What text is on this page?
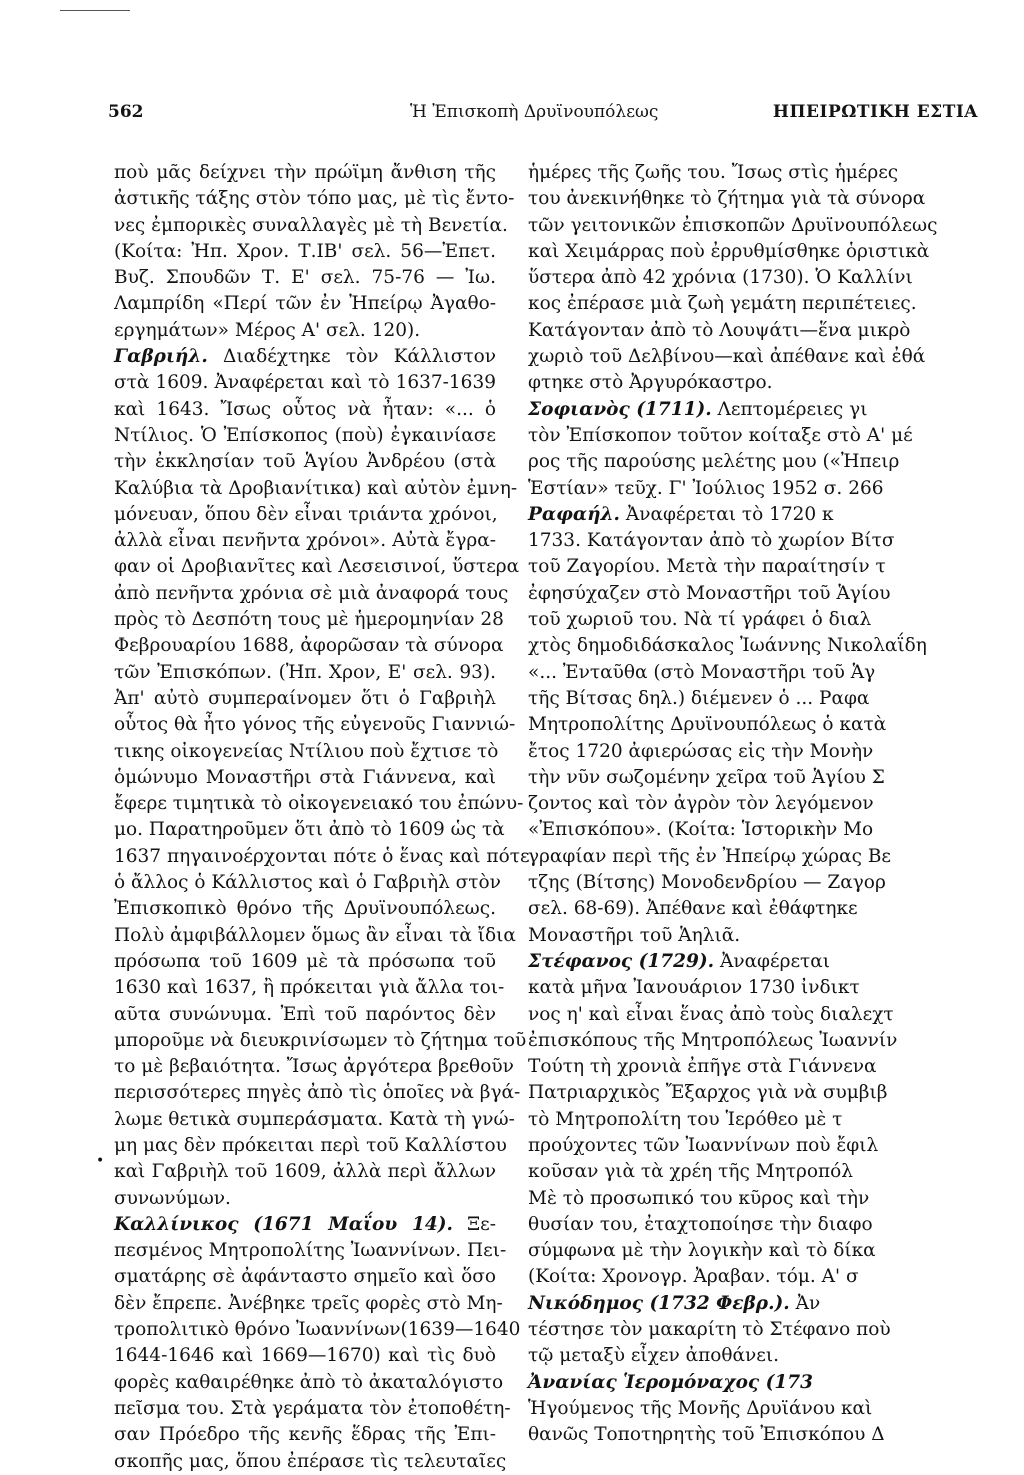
562	Ἡ Ἐπισκοπὴ Δρυϊνουπόλεως	ΗΠΕΙΡΩΤΙΚΗ ΕΣΤΙΑ
ποὺ μᾶς δείχνει τὴν πρώϊμη ἄνθιση τῆς
ἀστικῆς τάξης στὸν τόπο μας, μὲ τὶς ἔντο-
νες ἐμπορικὲς συναλλαγὲς μὲ τὴ Βενετία.
(Κοίτα: Ἠπ. Χρον. Τ.ΙΒ' σελ. 56—Ἐπετ.
Βυζ. Σπουδῶν Τ. Ε' σελ. 75-76 — Ἰω.
Λαμπρίδη «Περί τῶν ἐν Ἠπείρῳ Ἀγαθο-
εργημάτων» Μέρος Α' σελ. 120).
Γαβριήλ. Διαδέχτηκε τὸν Κάλλιστον
στὰ 1609. Ἀναφέρεται καὶ τὸ 1637-1639
καὶ 1643. Ἴσως οὗτος νὰ ἦταν: «... ὁ
Ντίλιος. Ὁ Ἐπίσκοπος (ποὺ) ἐγκαινίασε
τὴν ἐκκλησίαν τοῦ Ἁγίου Ἀνδρέου (στὰ
Καλύβια τὰ Δροβιανίτικα) καὶ αὐτὸν ἐμνη-
μόνευαν, ὅπου δὲν εἶναι τριάντα χρόνοι,
ἀλλὰ εἶναι πενῆντα χρόνοι». Αὐτὰ ἔγρα-
φαν οἱ Δροβιανῖτες καὶ Λεσεισινοί, ὕστερα
ἀπὸ πενῆντα χρόνια σὲ μιὰ ἀναφορά τους
πρὸς τὸ Δεσπότη τους μὲ ἡμερομηνίαν 28
Φεβρουαρίου 1688, ἀφορῶσαν τὰ σύνορα
τῶν Ἐπισκόπων. (Ἠπ. Χρον, Ε' σελ. 93).
Ἀπ' αὐτὸ συμπεραίνομεν ὅτι ὁ Γαβριὴλ
οὗτος θὰ ἦτο γόνος τῆς εὐγενοῦς Γιαννιώ-
τικης οἰκογενείας Ντίλιου ποὺ ἔχτισε τὸ
ὁμώνυμο Μοναστῆρι στὰ Γιάννενα, καὶ
ἔφερε τιμητικὰ τὸ οἰκογενειακό του ἐπώνυ-
μο. Παρατηροῦμεν ὅτι ἀπὸ τὸ 1609 ὡς τὰ
1637 πηγαινοέρχονται πότε ὁ ἕνας καὶ πότε
ὁ ἄλλος ὁ Κάλλιστος καὶ ὁ Γαβριὴλ στὸν
Ἐπισκοπικὸ θρόνο τῆς Δρυϊνουπόλεως.
Πολὺ ἀμφιβάλλομεν ὅμως ἂν εἶναι τὰ ἴδια
πρόσωπα τοῦ 1609 μὲ τὰ πρόσωπα τοῦ
1630 καὶ 1637, ἢ πρόκειται γιὰ ἄλλα τοι-
αῦτα συνώνυμα. Ἐπὶ τοῦ παρόντος δὲν
μποροῦμε νὰ διευκρινίσωμεν τὸ ζήτημα τοῦ
το μὲ βεβαιότητα. Ἴσως ἀργότερα βρεθοῦν
περισσότερες πηγὲς ἀπὸ τὶς ὁποῖες νὰ βγά-
λωμε θετικὰ συμπεράσματα. Κατὰ τὴ γνώ-
μη μας δὲν πρόκειται περὶ τοῦ Καλλίστου
καὶ Γαβριὴλ τοῦ 1609, ἀλλὰ περὶ ἄλλων
συνωνύμων.
Καλλίνικος (1671 Μαΐου 14). Ξε-
πεσμένος Μητροπολίτης Ἰωαννίνων. Πει-
σματάρης σὲ ἀφάνταστο σημεῖο καὶ ὅσο
δὲν ἔπρεπε. Ἀνέβηκε τρεῖς φορὲς στὸ Μη-
τροπολιτικὸ θρόνο Ἰωαννίνων(1639—1640
1644-1646 καὶ 1669—1670) καὶ τὶς δυὸ
φορὲς καθαιρέθηκε ἀπὸ τὸ ἀκαταλόγιστο
πεῖσμα του. Στὰ γεράματα τὸν ἐτοποθέτη-
σαν Πρόεδρο τῆς κενῆς ἕδρας τῆς Ἐπι-
σκοπῆς μας, ὅπου ἐπέρασε τὶς τελευταῖες
ἡμέρες τῆς ζωῆς του. Ἴσως στὶς ἡμέρες
του ἀνεκινήθηκε τὸ ζήτημα γιὰ τὰ σύνορα
τῶν γειτονικῶν ἐπισκοπῶν Δρυϊνουπόλεως
καὶ Χειμάρρας ποὺ ἐρρυθμίσθηκε ὁριστικὰ
ὕστερα ἀπὸ 42 χρόνια (1730). Ὁ Καλλίνι
κος ἐπέρασε μιὰ ζωὴ γεμάτη περιπέτειες.
Κατάγονταν ἀπὸ τὸ Λουψάτι—ἕνα μικρὸ
χωριὸ τοῦ Δελβίνου—καὶ ἀπέθανε καὶ ἐθά
φτηκε στὸ Ἀργυρόκαστρο.
Σοφιανὸς (1711). Λεπτομέρειες γι
τὸν Ἐπίσκοπον τοῦτον κοίταξε στὸ Α' μέ
ρος τῆς παρούσης μελέτης μου («Ἠπειρ
Ἑστίαν» τεῦχ. Γ' Ἰούλιος 1952 σ. 266
Ραφαήλ. Ἀναφέρεται τὸ 1720 κ
1733. Κατάγονταν ἀπὸ τὸ χωρίον Βίτσ
τοῦ Ζαγορίου. Μετὰ τὴν παραίτησίν τ
ἐφησύχαζεν στὸ Μοναστῆρι τοῦ Ἁγίου
τοῦ χωριοῦ του. Νὰ τί γράφει ὁ διαλ
χτὸς δημοδιδάσκαλος Ἰωάννης Νικολαΐδη
«... Ἐνταῦθα (στὸ Μοναστῆρι τοῦ Ἁγ
τῆς Βίτσας δηλ.) διέμενεν ὁ ... Ραφα
Μητροπολίτης Δρυϊνουπόλεως ὁ κατὰ
ἔτος 1720 ἀφιερώσας εἰς τὴν Μονὴν
τὴν νῦν σωζομένην χεῖρα τοῦ Ἁγίου Σ
ζοντος καὶ τὸν ἀγρὸν τὸν λεγόμενον
«Ἐπισκόπου». (Κοίτα: Ἱστορικὴν Μο
γραφίαν περὶ τῆς ἐν Ἠπείρῳ χώρας Βε
τζης (Βίτσης) Μονοδενδρίου — Ζαγορ
σελ. 68-69). Ἀπέθανε καὶ ἐθάφτηκε
Μοναστῆρι τοῦ Ἁηλιᾶ.
Στέφανος (1729). Ἀναφέρεται
κατὰ μῆνα Ἰανουάριον 1730 ἰνδικτ
νος η' καὶ εἶναι ἕνας ἀπὸ τοὺς διαλεχτ
ἐπισκόπους τῆς Μητροπόλεως Ἰωαννίν
Τούτη τὴ χρονιὰ ἐπῆγε στὰ Γιάννενα
Πατριαρχικὸς Ἔξαρχος γιὰ νὰ συμβιβ
τὸ Μητροπολίτη του Ἱερόθεο μὲ τ
προύχοντες τῶν Ἰωαννίνων ποὺ ἔφιλ
κοῦσαν γιὰ τὰ χρέη τῆς Μητροπόλ
Μὲ τὸ προσωπικό του κῦρος καὶ τὴν
θυσίαν του, ἐταχτοποίησε τὴν διαφο
σύμφωνα μὲ τὴν λογικὴν καὶ τὸ δίκα
(Κοίτα: Χρονογρ. Ἀραβαν. τόμ. Α' σ
Νικόδημος (1732 Φεβρ.). Ἀν
τέστησε τὸν μακαρίτη τὸ Στέφανο ποὺ
τῷ μεταξὺ εἶχεν ἀποθάνει.
Ἀνανίας Ἱερομόναχος (173
Ἡγούμενος τῆς Μονῆς Δρυϊάνου καὶ
θανῶς Τοποτηρητὴς τοῦ Ἐπισκόπου Δ
•
